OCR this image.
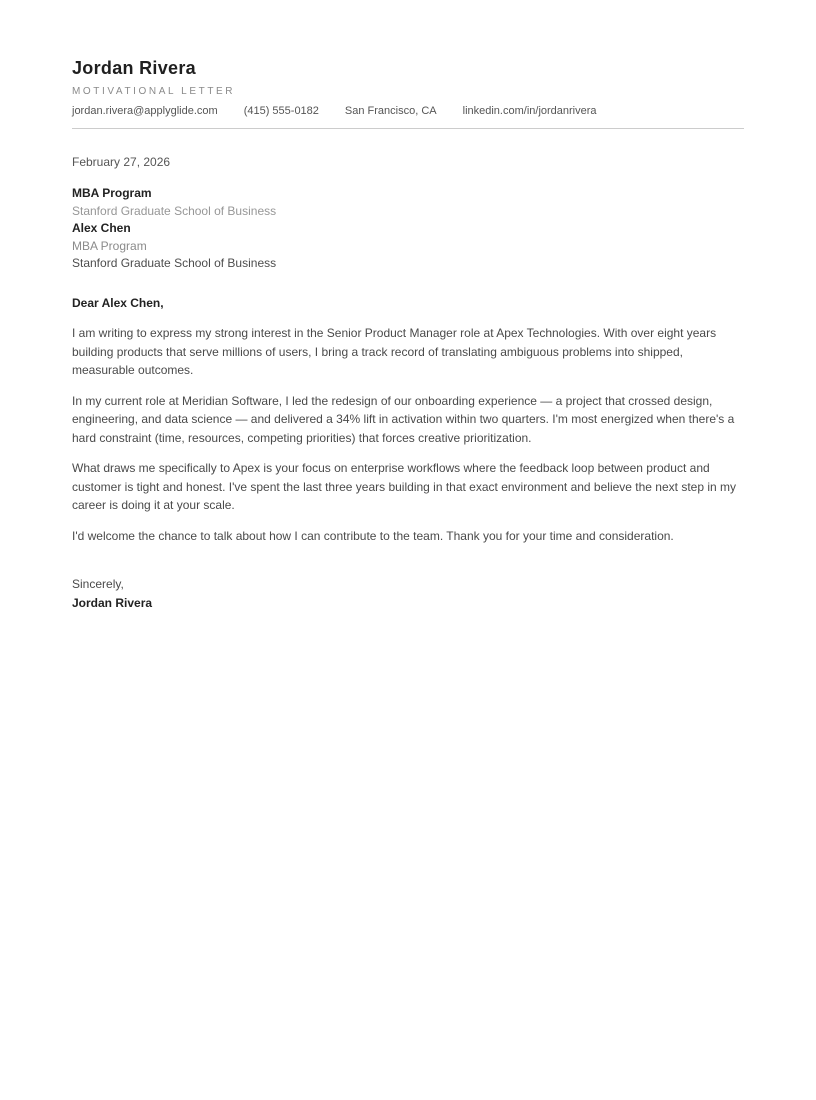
Jordan Rivera
MOTIVATIONAL LETTER
jordan.rivera@applyglide.com (415) 555-0182 San Francisco, CA linkedin.com/in/jordanrivera
February 27, 2026
MBA Program
Stanford Graduate School of Business
Alex Chen
MBA Program
Stanford Graduate School of Business
Dear Alex Chen,

I am writing to express my strong interest in the Senior Product Manager role at Apex Technologies. With over eight years building products that serve millions of users, I bring a track record of translating ambiguous problems into shipped, measurable outcomes.

In my current role at Meridian Software, I led the redesign of our onboarding experience — a project that crossed design, engineering, and data science — and delivered a 34% lift in activation within two quarters. I'm most energized when there's a hard constraint (time, resources, competing priorities) that forces creative prioritization.

What draws me specifically to Apex is your focus on enterprise workflows where the feedback loop between product and customer is tight and honest. I've spent the last three years building in that exact environment and believe the next step in my career is doing it at your scale.

I'd welcome the chance to talk about how I can contribute to the team. Thank you for your time and consideration.

Sincerely,
Jordan Rivera
